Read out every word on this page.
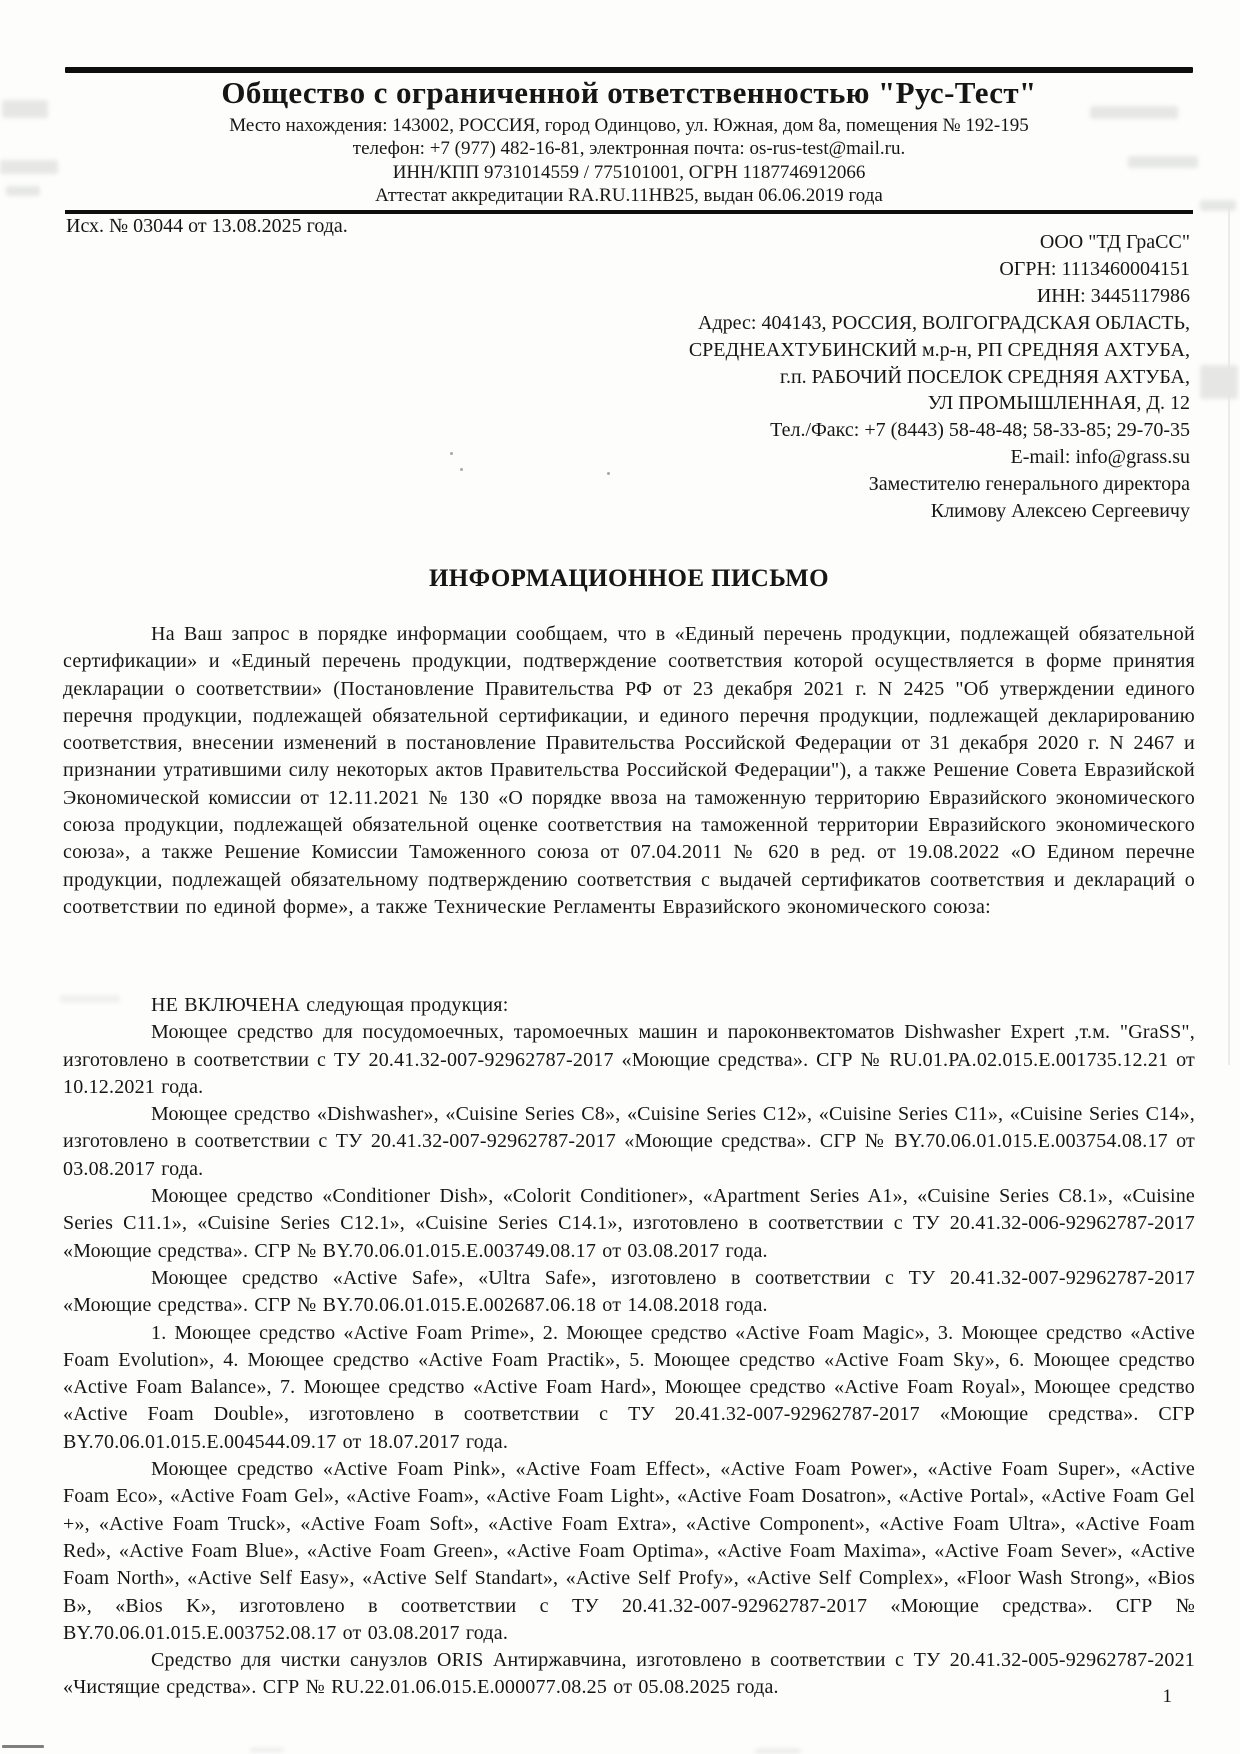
Общество с ограниченной ответственностью "Рус-Тест"
Место нахождения: 143002, РОССИЯ, город Одинцово, ул. Южная, дом 8а, помещения № 192-195
телефон: +7 (977) 482-16-81, электронная почта: os-rus-test@mail.ru.
ИНН/КПП 9731014559 / 775101001, ОГРН 1187746912066
Аттестат аккредитации RA.RU.11НВ25, выдан 06.06.2019 года
Исх. № 03044 от 13.08.2025 года.
ООО "ТД ГраСС"
ОГРН: 1113460004151
ИНН: 3445117986
Адрес: 404143, РОССИЯ, ВОЛГОГРАДСКАЯ ОБЛАСТЬ,
СРЕДНЕАХТУБИНСКИЙ м.р-н, РП СРЕДНЯЯ АХТУБА,
г.п. РАБОЧИЙ ПОСЕЛОК СРЕДНЯЯ АХТУБА,
УЛ ПРОМЫШЛЕННАЯ, Д. 12
Тел./Факс: +7 (8443) 58-48-48; 58-33-85; 29-70-35
E-mail: info@grass.su
Заместителю генерального директора
Климову Алексею Сергеевичу
ИНФОРМАЦИОННОЕ ПИСЬМО

На Ваш запрос в порядке информации сообщаем, что в «Единый перечень продукции, подлежащей обязательной сертификации» и «Единый перечень продукции, подтверждение соответствия которой осуществляется в форме принятия декларации о соответствии» (Постановление Правительства РФ от 23 декабря 2021 г. N 2425 "Об утверждении единого перечня продукции, подлежащей обязательной сертификации, и единого перечня продукции, подлежащей декларированию соответствия, внесении изменений в постановление Правительства Российской Федерации от 31 декабря 2020 г. N 2467 и признании утратившими силу некоторых актов Правительства Российской Федерации"), а также Решение Совета Евразийской Экономической комиссии от 12.11.2021 № 130 «О порядке ввоза на таможенную территорию Евразийского экономического союза продукции, подлежащей обязательной оценке соответствия на таможенной территории Евразийского экономического союза», а также Решение Комиссии Таможенного союза от 07.04.2011 № 620 в ред. от 19.08.2022 «О Едином перечне продукции, подлежащей обязательному подтверждению соответствия с выдачей сертификатов соответствия и деклараций о соответствии по единой форме», а также Технические Регламенты Евразийского экономического союза:

НЕ ВКЛЮЧЕНА следующая продукция:

Моющее средство для посудомоечных, таромоечных машин и пароконвектоматов Dishwasher Expert ,т.м. "GraSS", изготовлено в соответствии с ТУ 20.41.32-007-92962787-2017 «Моющие средства». СГР № RU.01.РА.02.015.Е.001735.12.21 от 10.12.2021 года.

Моющее средство «Dishwasher», «Cuisine Series C8», «Cuisine Series C12», «Cuisine Series C11», «Cuisine Series C14», изготовлено в соответствии с ТУ 20.41.32-007-92962787-2017 «Моющие средства». СГР № BY.70.06.01.015.Е.003754.08.17 от 03.08.2017 года.

Моющее средство «Conditioner Dish», «Colorit Conditioner», «Apartment Series A1», «Cuisine Series C8.1», «Cuisine Series C11.1», «Cuisine Series C12.1», «Cuisine Series C14.1», изготовлено в соответствии с ТУ 20.41.32-006-92962787-2017 «Моющие средства». СГР № BY.70.06.01.015.Е.003749.08.17 от 03.08.2017 года.

Моющее средство «Active Safe», «Ultra Safe», изготовлено в соответствии с ТУ 20.41.32-007-92962787-2017 «Моющие средства». СГР № BY.70.06.01.015.Е.002687.06.18 от 14.08.2018 года.

1. Моющее средство «Active Foam Prime», 2. Моющее средство «Active Foam Magic», 3. Моющее средство «Active Foam Evolution», 4. Моющее средство «Active Foam Practik», 5. Моющее средство «Active Foam Sky», 6. Моющее средство «Active Foam Balance», 7. Моющее средство «Active Foam Hard», Моющее средство «Active Foam Royal», Моющее средство «Active Foam Double», изготовлено в соответствии с ТУ 20.41.32-007-92962787-2017 «Моющие средства». СГР BY.70.06.01.015.Е.004544.09.17 от 18.07.2017 года.

Моющее средство «Active Foam Pink», «Active Foam Effect», «Active Foam Power», «Active Foam Super», «Active Foam Eco», «Active Foam Gel», «Active Foam», «Active Foam Light», «Active Foam Dosatron», «Active Portal», «Active Foam Gel +», «Active Foam Truck», «Active Foam Soft», «Active Foam Extra», «Active Component», «Active Foam Ultra», «Active Foam Red», «Active Foam Blue», «Active Foam Green», «Active Foam Optima», «Active Foam Maxima», «Active Foam Sever», «Active Foam North», «Active Self Easy», «Active Self Standart», «Active Self Profy», «Active Self Complex», «Floor Wash Strong», «Bios B», «Bios K», изготовлено в соответствии с ТУ 20.41.32-007-92962787-2017 «Моющие средства». СГР № BY.70.06.01.015.Е.003752.08.17 от 03.08.2017 года.

Средство для чистки санузлов ORIS Антиржавчина, изготовлено в соответствии с ТУ 20.41.32-005-92962787-2021 «Чистящие средства». СГР № RU.22.01.06.015.Е.000077.08.25 от 05.08.2025 года.	1
